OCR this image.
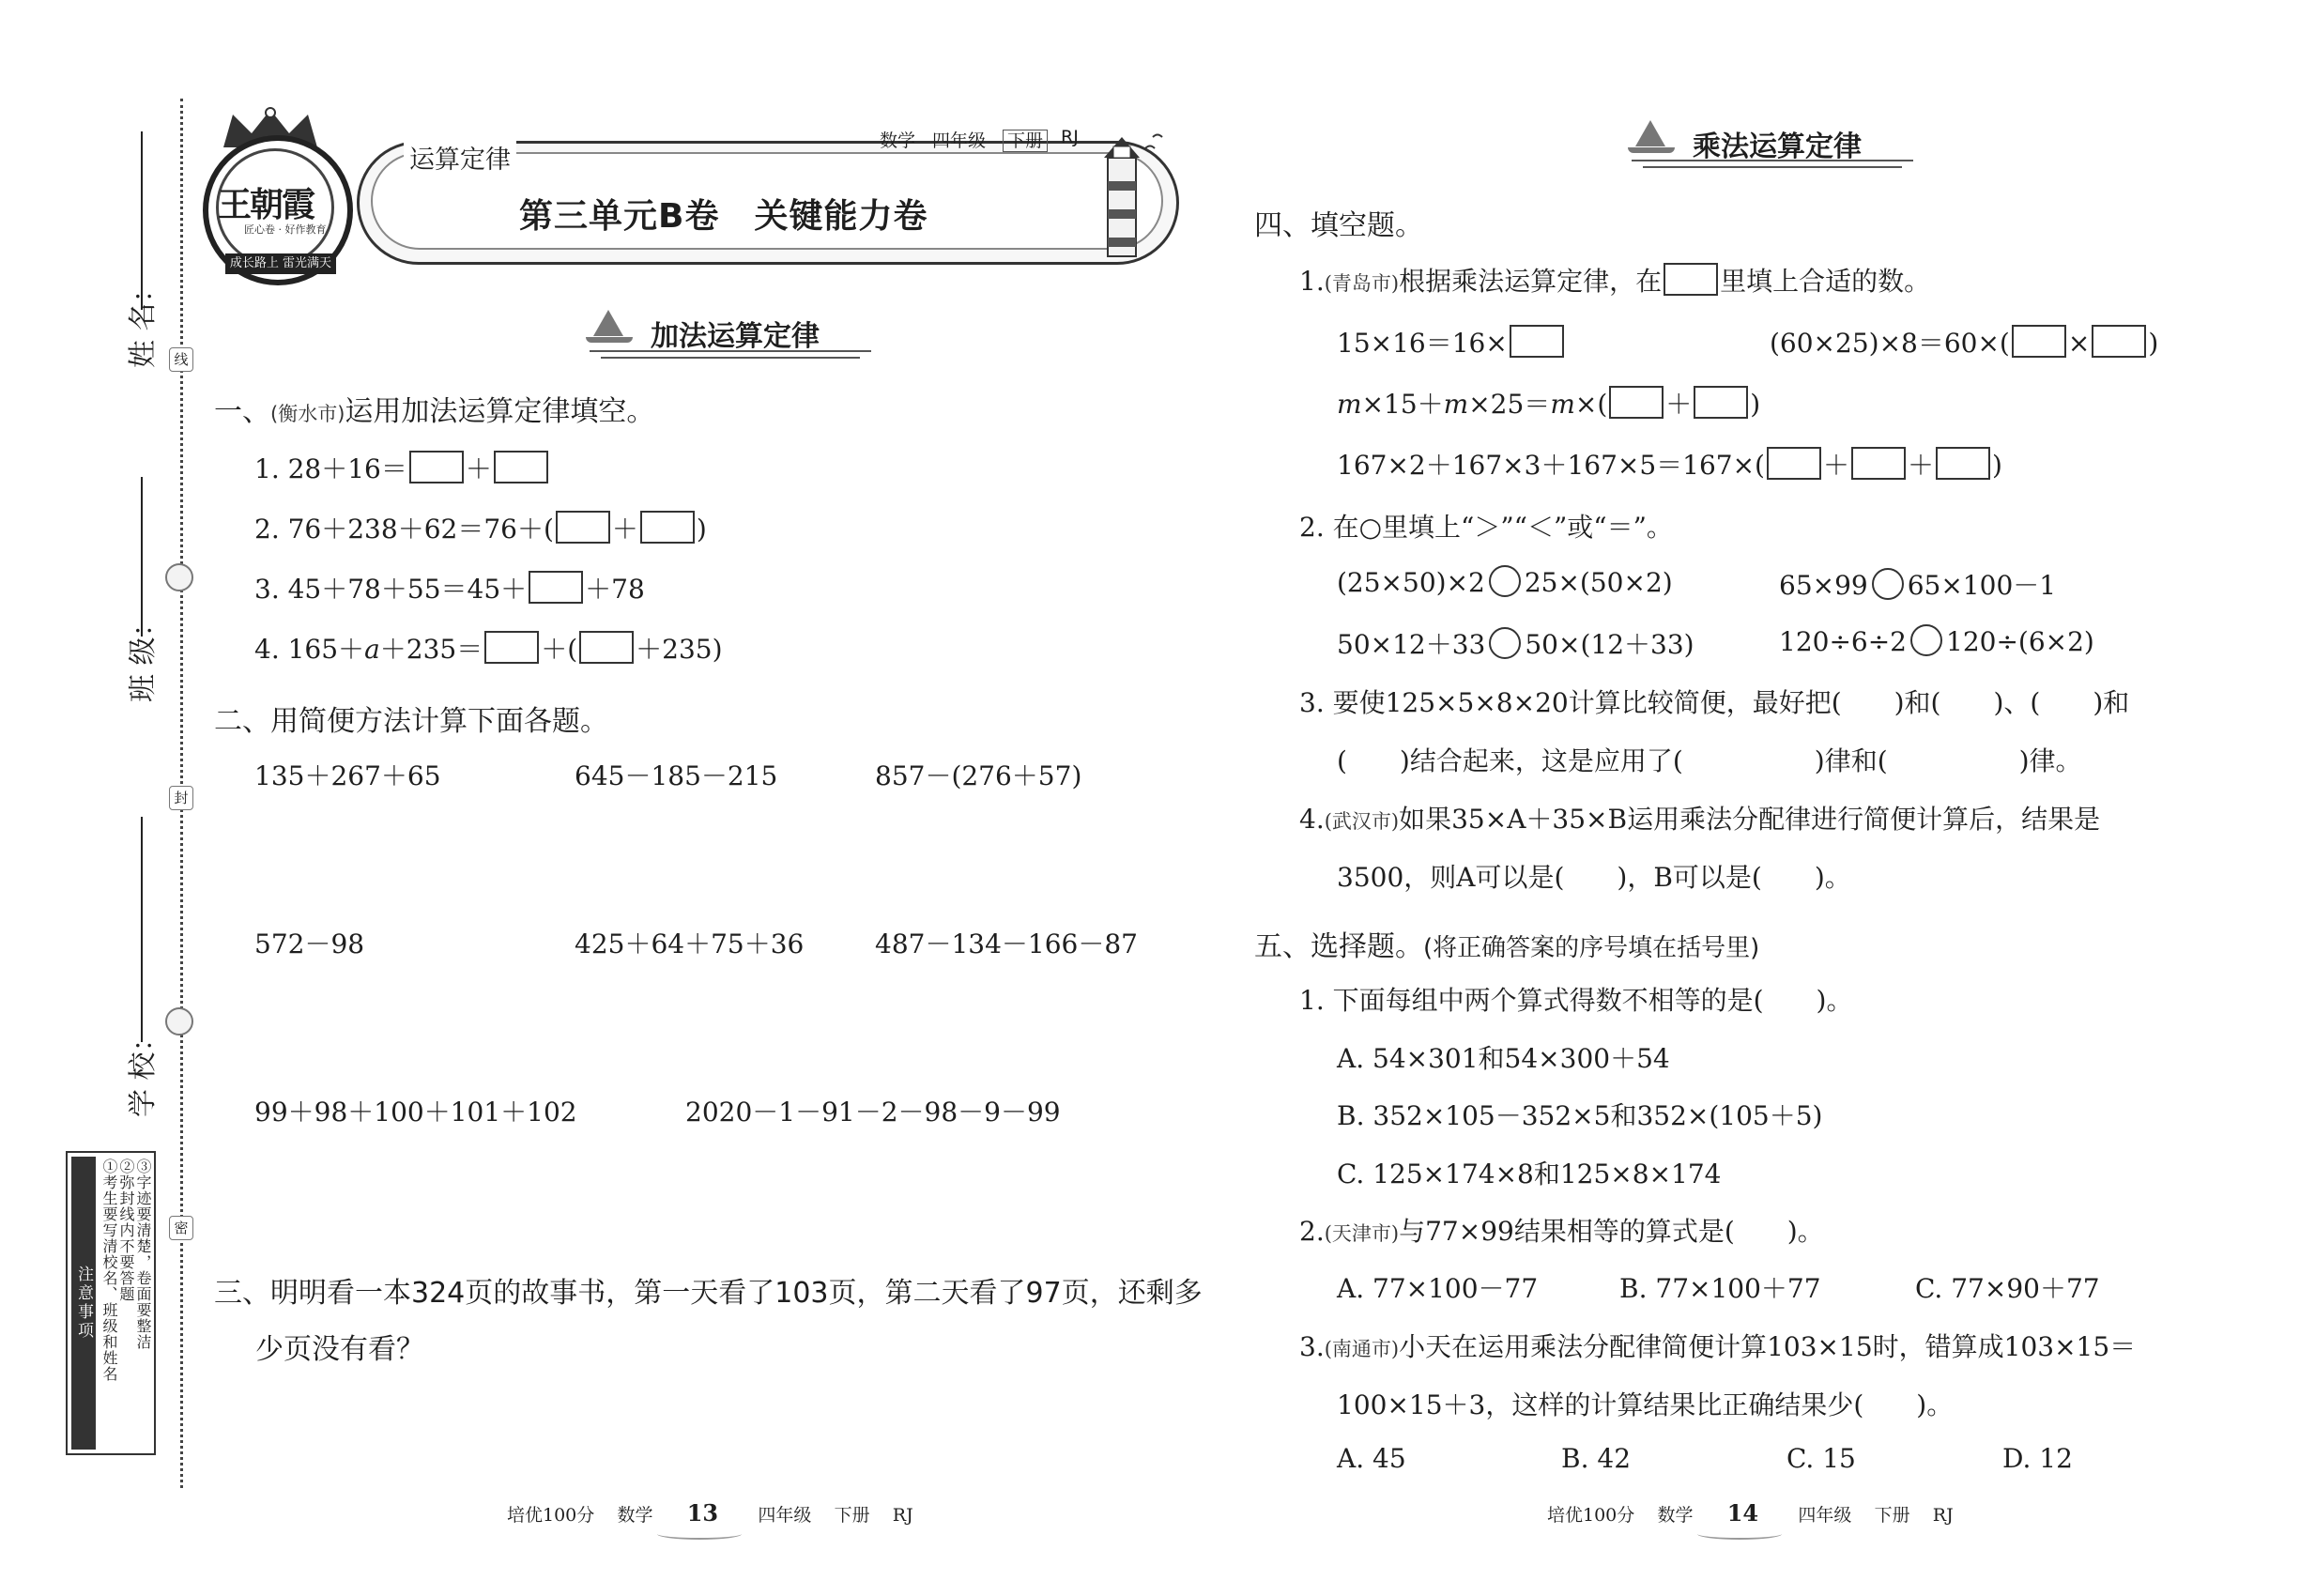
线
封
密
姓 名：
班 级：
学 校：
注意事项 ①考生要写清校名、班级和姓名 ②弥封线内不要答题 ③字迹要清楚，卷面要整洁
王朝霞
匠心卷 · 好作教育
成长路上 雷光满天
运算定律
第三单元B卷　关键能力卷
数学 四年级 下册 RJ
加法运算定律
一、(衡水市)运用加法运算定律填空。
1. 28＋16＝ ＋
2. 76＋238＋62＝76＋( ＋ )
3. 45＋78＋55＝45＋ ＋78
4. 165＋a＋235＝ ＋( ＋235)
二、用简便方法计算下面各题。
135＋267＋65	645－185－215	857－(276＋57)
572－98	425＋64＋75＋36	487－134－166－87
99＋98＋100＋101＋102	2020－1－91－2－98－9－99
三、明明看一本324页的故事书，第一天看了103页，第二天看了97页，还剩多
少页没有看？
培优100分 数学 13 四年级 下册 RJ
乘法运算定律
四、填空题。
1.(青岛市)根据乘法运算定律，在 里填上合适的数。
15×16＝16×	(60×25)×8＝60×( × )
m×15＋m×25＝m×( ＋ )
167×2＋167×3＋167×5＝167×( ＋ ＋ )
2. 在○里填上“＞”“＜”或“＝”。
(25×50)×2 25×(50×2)	65×99 65×100－1
50×12＋33 50×(12＋33)	120÷6÷2 120÷(6×2)
3. 要使125×5×8×20计算比较简便，最好把(　　)和(　　)、(　　)和
(　　)结合起来，这是应用了(　　　　　)律和(　　　　　)律。
4.(武汉市)如果35×A＋35×B运用乘法分配律进行简便计算后，结果是
3500，则A可以是(　　)，B可以是(　　)。
五、选择题。(将正确答案的序号填在括号里)
1. 下面每组中两个算式得数不相等的是(　　)。
A. 54×301和54×300＋54
B. 352×105－352×5和352×(105＋5)
C. 125×174×8和125×8×174
2.(天津市)与77×99结果相等的算式是(　　)。
A. 77×100－77	B. 77×100＋77	C. 77×90＋77
3.(南通市)小天在运用乘法分配律简便计算103×15时，错算成103×15＝
100×15＋3，这样的计算结果比正确结果少(　　)。
A. 45	B. 42	C. 15	D. 12
培优100分 数学 14 四年级 下册 RJ
